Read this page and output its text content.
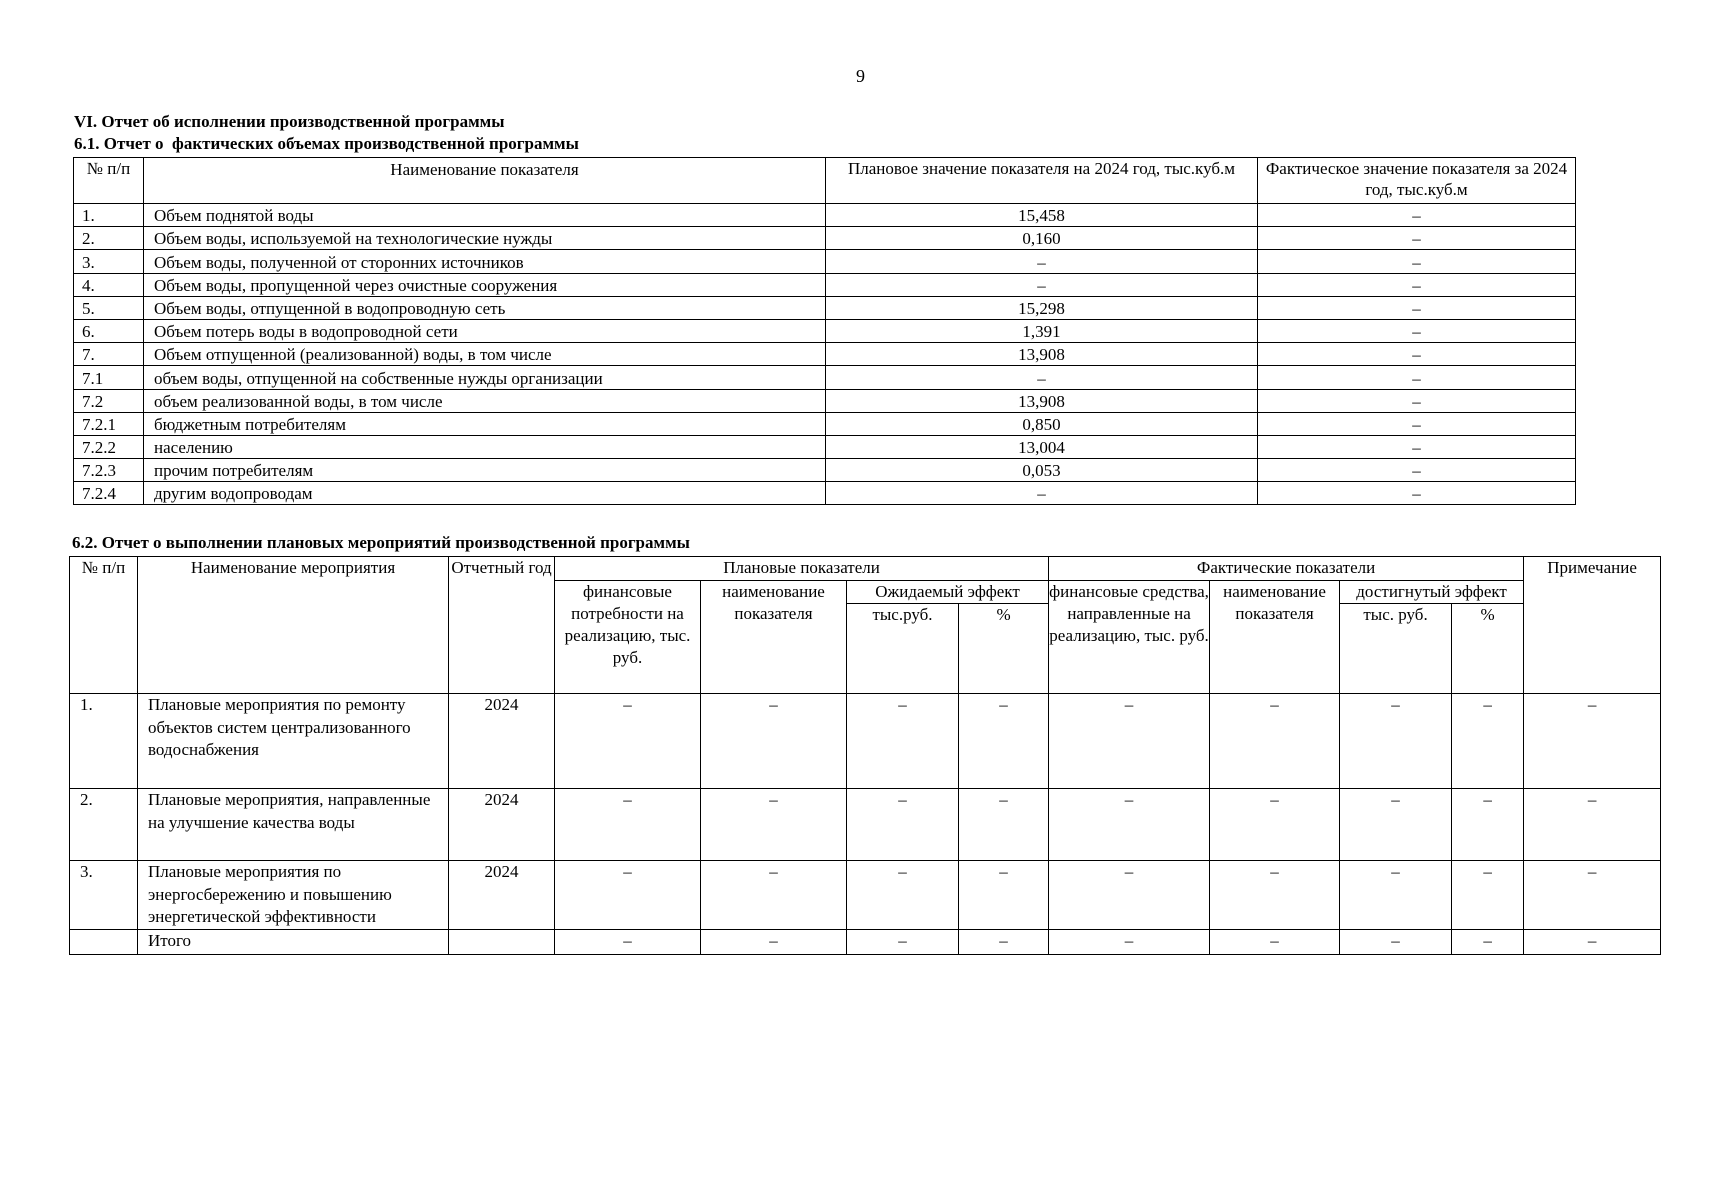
9
VI. Отчет об исполнении производственной программы
6.1. Отчет о  фактических объемах производственной программы
№ п/п	Наименование показателя	Плановое значение показателя на 2024 год, тыс.куб.м	Фактическое значение показателя за 2024 год, тыс.куб.м
1.	Объем поднятой воды	15,458	–
2.	Объем воды, используемой на технологические нужды	0,160	–
3.	Объем воды, полученной от сторонних источников	–	–
4.	Объем воды, пропущенной через очистные сооружения	–	–
5.	Объем воды, отпущенной в водопроводную сеть	15,298	–
6.	Объем потерь воды в водопроводной сети	1,391	–
7.	Объем отпущенной (реализованной) воды, в том числе	13,908	–
7.1	объем воды, отпущенной на собственные нужды организации	–	–
7.2	объем реализованной воды, в том числе	13,908	–
7.2.1	бюджетным потребителям	0,850	–
7.2.2	населению	13,004	–
7.2.3	прочим потребителям	0,053	–
7.2.4	другим водопроводам	–	–
6.2. Отчет о выполнении плановых мероприятий производственной программы
№ п/п	Наименование мероприятия	Отчетный год	Плановые показатели				Фактические показатели				Примечание
			финансовые потребности на реализацию, тыс. руб.	наименование показателя	Ожидаемый эффект		финансовые средства, направленные на реализацию, тыс. руб.	наименование показателя	достигнутый эффект		
					тыс.руб.	%			тыс. руб.	%	
1.	Плановые мероприятия по ремонту объектов систем централизованного водоснабжения	2024	–	–	–	–	–	–	–	–	–
2.	Плановые мероприятия, направленные на улучшение качества воды	2024	–	–	–	–	–	–	–	–	–
3.	Плановые мероприятия по энергосбережению и повышению энергетической эффективности	2024	–	–	–	–	–	–	–	–	–
	Итого		–	–	–	–	–	–	–	–	–
